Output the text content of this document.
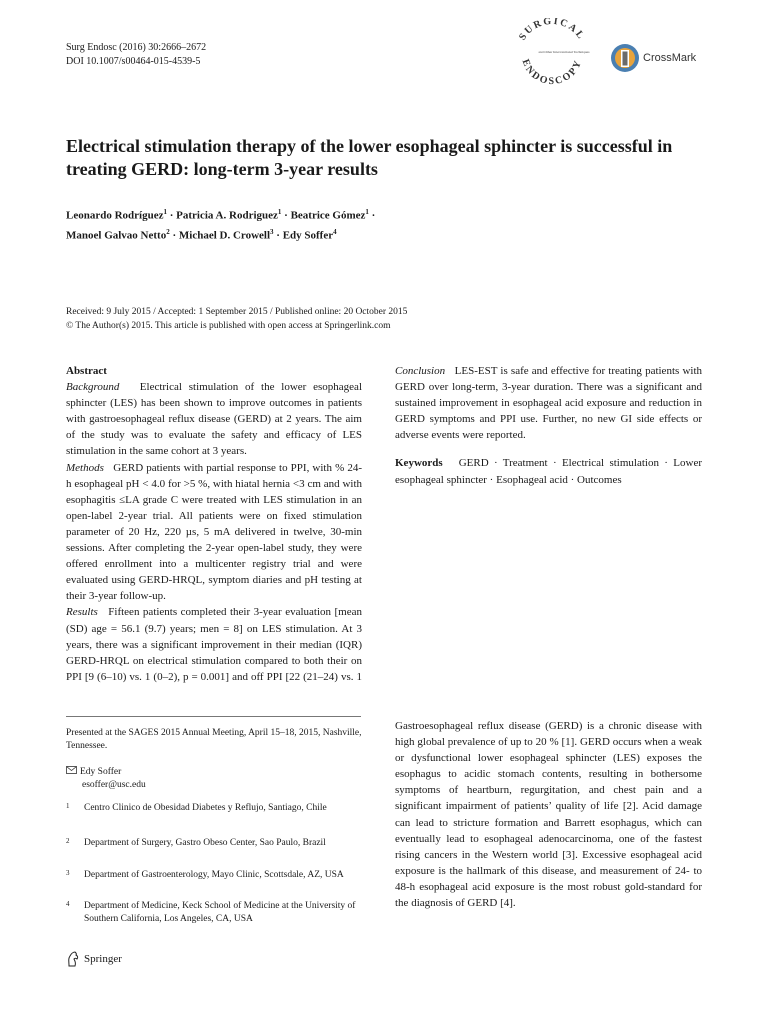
Surg Endosc (2016) 30:2666–2672
DOI 10.1007/s00464-015-4539-5
SURGICAL
ENDOSCOPY
and Other Interventional Techniques	CrossMark
Electrical stimulation therapy of the lower esophageal sphincter is successful in treating GERD: long-term 3-year results
Leonardo Rodríguez$^1$ · Patricia A. Rodriguez$^1$ · Beatrice Gómez$^1$ ·
Manoel Galvao Netto$^2$ · Michael D. Crowell$^3$ · Edy Soffer$^4$
Received: 9 July 2015 / Accepted: 1 September 2015 / Published online: 20 October 2015
© The Author(s) 2015. This article is published with open access at Springerlink.com

Abstract

Background Electrical stimulation of the lower esophageal sphincter (LES) has been shown to improve outcomes in patients with gastroesophageal reflux disease (GERD) at 2 years. The aim of the study was to evaluate the safety and efficacy of LES stimulation in the same cohort at 3 years.

Methods GERD patients with partial response to PPI, with % 24-h esophageal pH < 4.0 for >5 %, with hiatal hernia <3 cm and with esophagitis ≤LA grade C were treated with LES stimulation in an open-label 2-year trial. All patients were on fixed stimulation parameter of 20 Hz, 220 µs, 5 mA delivered in twelve, 30-min sessions. After completing the 2-year open-label study, they were offered enrollment into a multicenter registry trial and were evaluated using GERD-HRQL, symptom diaries and pH testing at their 3-year follow-up.

Results Fifteen patients completed their 3-year evaluation [mean (SD) age = 56.1 (9.7) years; men = 8] on LES stimulation. At 3 years, there was a significant improvement in their median (IQR) GERD-HRQL on electrical stimulation compared to both their on PPI [9 (6–10) vs. 1 (0–2), p = 0.001] and off PPI [22 (21–24) vs. 1

Conclusion LES-EST is safe and effective for treating patients with GERD over long-term, 3-year duration. There was a significant and sustained improvement in esophageal acid exposure and reduction in GERD symptoms and PPI use. Further, no new GI side effects or adverse events were reported.

Keywords GERD · Treatment · Electrical stimulation · Lower esophageal sphincter · Esophageal acid · Outcomes

Gastroesophageal reflux disease (GERD) is a chronic disease with high global prevalence of up to 20 % [1]. GERD occurs when a weak or dysfunctional lower esophageal sphincter (LES) exposes the esophagus to acidic stomach contents, resulting in bothersome symptoms of heartburn, regurgitation, and chest pain and a significant impairment of patients’ quality of life [2]. Acid damage can lead to stricture formation and Barrett esophagus, which can eventually lead to esophageal adenocarcinoma, one of the fastest rising cancers in the Western world [3]. Excessive esophageal acid exposure is the hallmark of this disease, and measurement of 24- to 48-h esophageal acid exposure is the most robust gold-standard for the diagnosis of GERD [4].
Presented at the SAGES 2015 Annual Meeting, April 15–18, 2015, Nashville, Tennessee.
Edy Soffer
esoffer@usc.edu
1 Centro Clinico de Obesidad Diabetes y Reflujo, Santiago, Chile
2 Department of Surgery, Gastro Obeso Center, Sao Paulo, Brazil
3 Department of Gastroenterology, Mayo Clinic, Scottsdale, AZ, USA
4 Department of Medicine, Keck School of Medicine at the University of Southern California, Los Angeles, CA, USA
Springer
